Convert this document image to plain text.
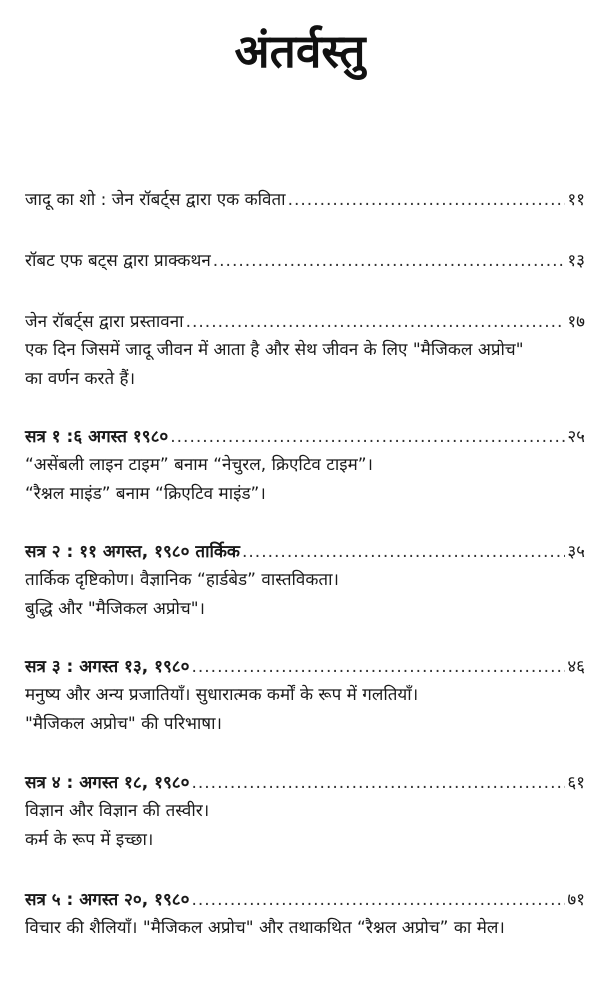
अंतर्वस्तु
जादू का शो : जेन रॉबर्ट्स द्वारा एक कविता .....	११
रॉबट एफ बट्स द्वारा प्राक्कथन .....	१३
जेन रॉबर्ट्स द्वारा प्रस्तावना .....	१७
एक दिन जिसमें जादू जीवन में आता है और सेथ जीवन के लिए "मैजिकल अप्रोच"
का वर्णन करते हैं।
सत्र १ :६ अगस्त १९८० .....	२५
“असेंबली लाइन टाइम” बनाम “नेचुरल, क्रिएटिव टाइम”।
“रैश्नल माइंड” बनाम “क्रिएटिव माइंड”।
सत्र २ : ११ अगस्त, १९८० तार्किक .....	३५
तार्किक दृष्टिकोण। वैज्ञानिक “हार्डबेड” वास्तविकता।
बुद्धि और "मैजिकल अप्रोच"।
सत्र ३ : अगस्त १३, १९८० .....	४६
मनुष्य और अन्य प्रजातियाँ। सुधारात्मक कर्मों के रूप में गलतियाँ।
"मैजिकल अप्रोच" की परिभाषा।
सत्र ४ : अगस्त १८, १९८० .....	६१
विज्ञान और विज्ञान की तस्वीर।
कर्म के रूप में इच्छा।
सत्र ५ : अगस्त २०, १९८० .....	७१
विचार की शैलियाँ। "मैजिकल अप्रोच" और तथाकथित “रैश्नल अप्रोच” का मेल।
